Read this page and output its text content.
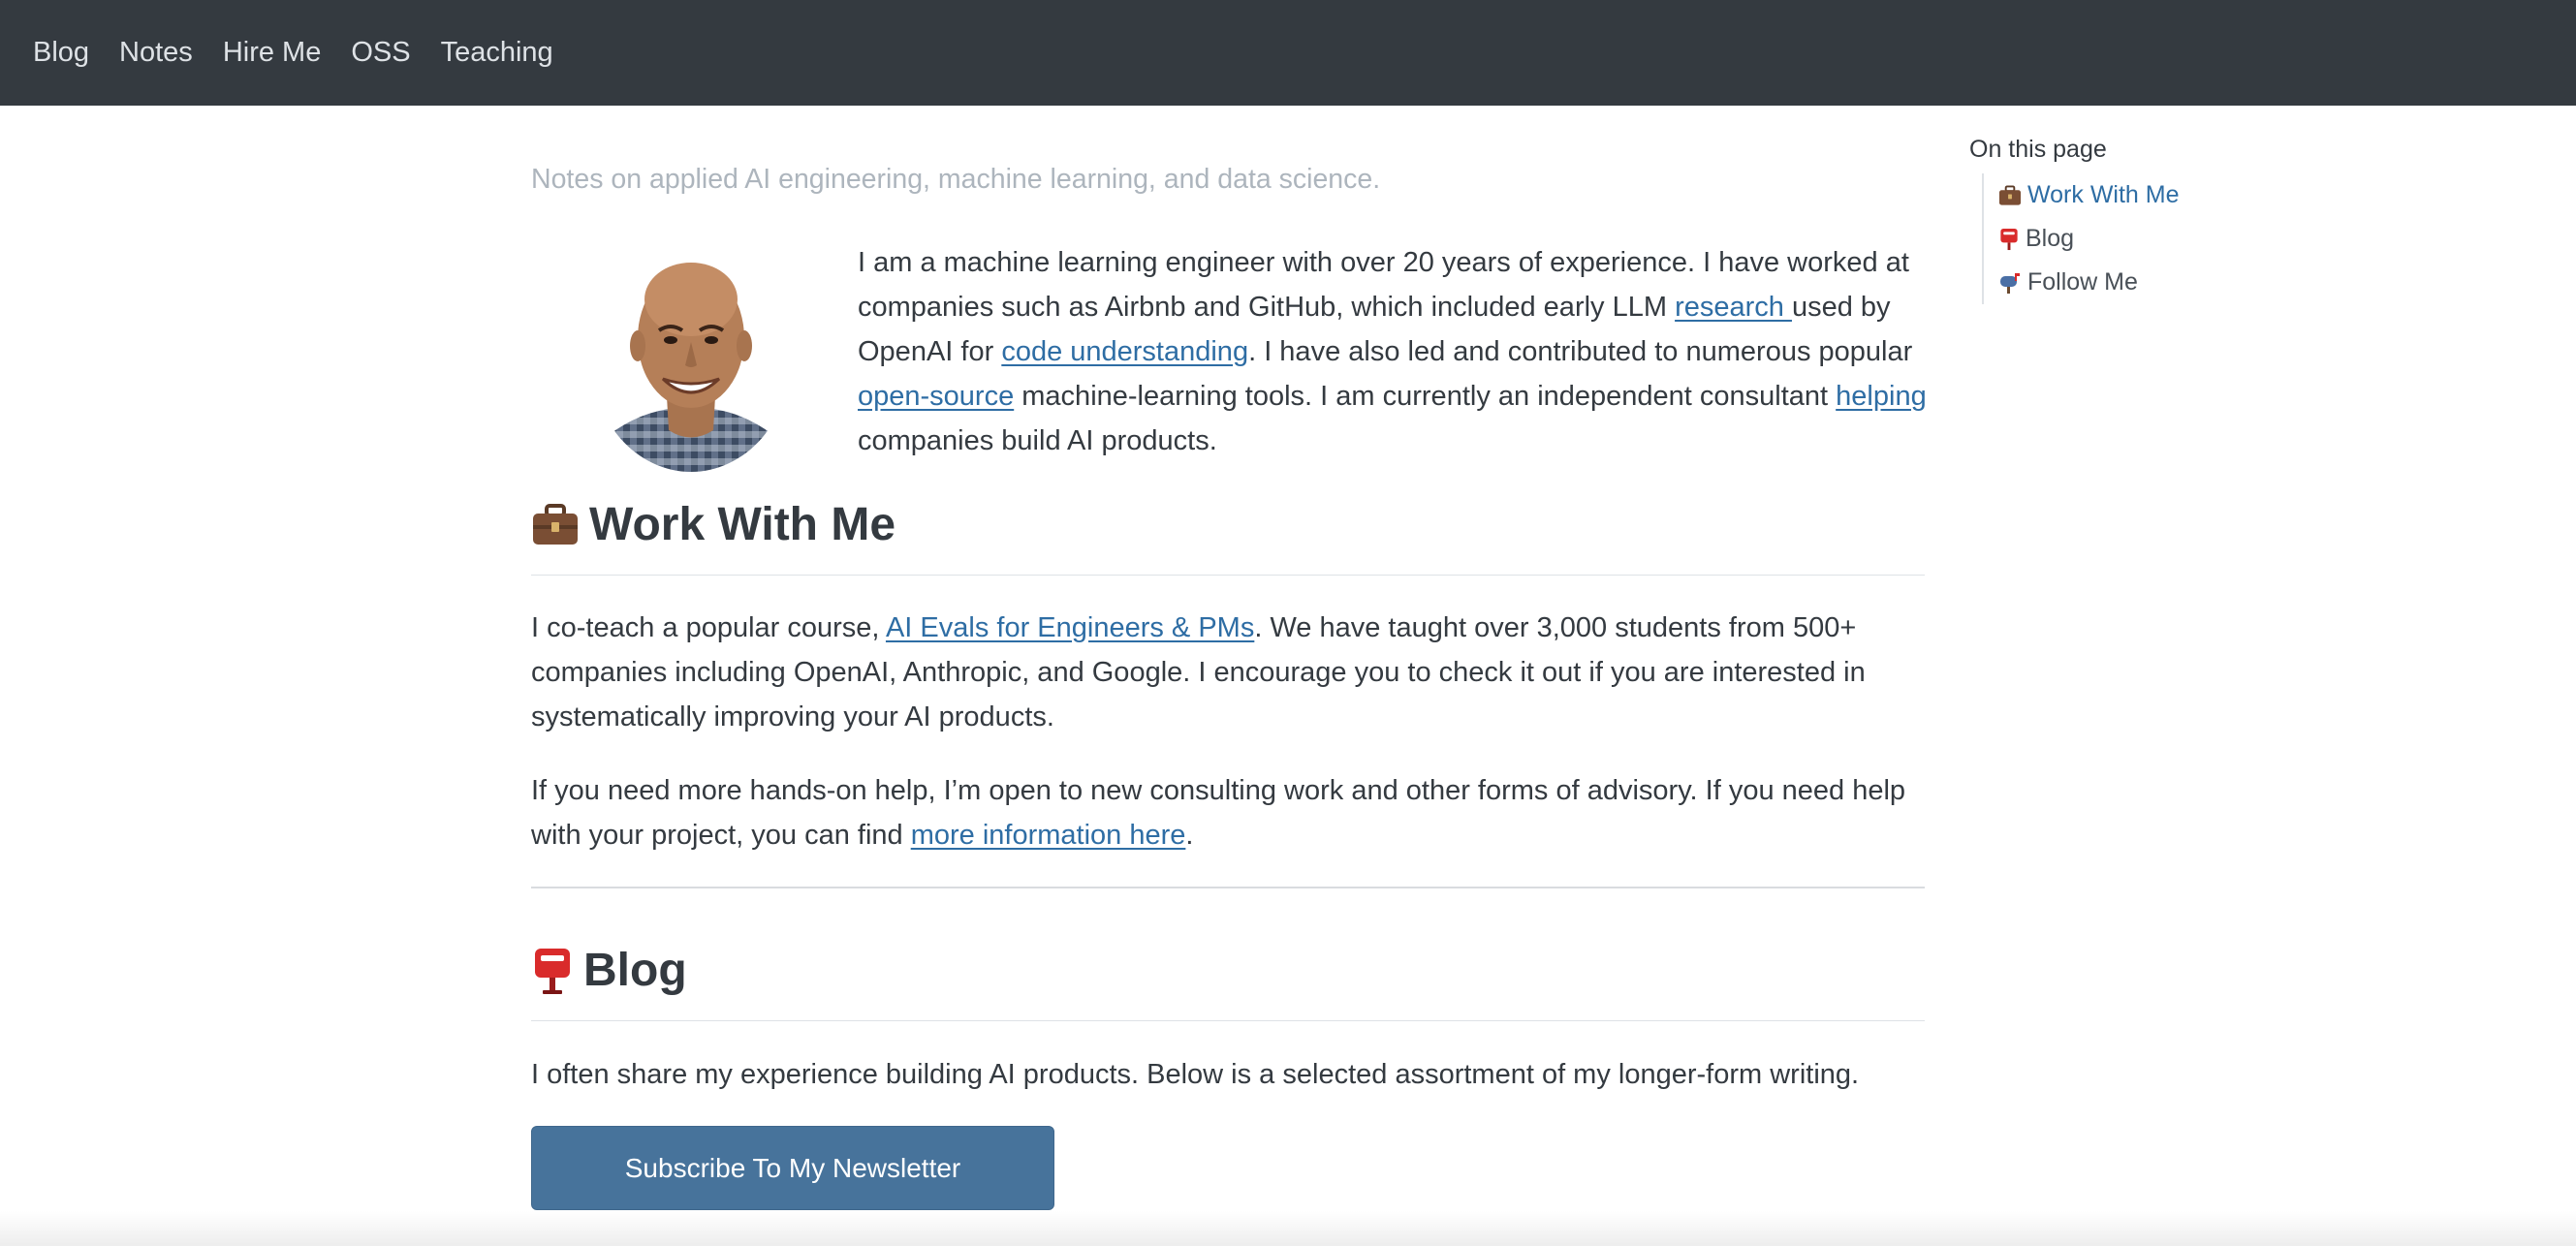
Blog Notes Hire Me OSS Teaching
Notes on applied AI engineering, machine learning, and data science.
I am a machine learning engineer with over 20 years of experience. I have worked at companies such as Airbnb and GitHub, which included early LLM research used by OpenAI for code understanding. I have also led and contributed to numerous popular open-source machine-learning tools. I am currently an independent consultant helping companies build AI products.
Work With Me
I co-teach a popular course, AI Evals for Engineers & PMs. We have taught over 3,000 students from 500+ companies including OpenAI, Anthropic, and Google. I encourage you to check it out if you are interested in systematically improving your AI products.
If you need more hands-on help, I’m open to new consulting work and other forms of advisory. If you need help with your project, you can find more information here.
Blog
I often share my experience building AI products. Below is a selected assortment of my longer-form writing.
Subscribe To My Newsletter
On this page
Work With Me
Blog
Follow Me
